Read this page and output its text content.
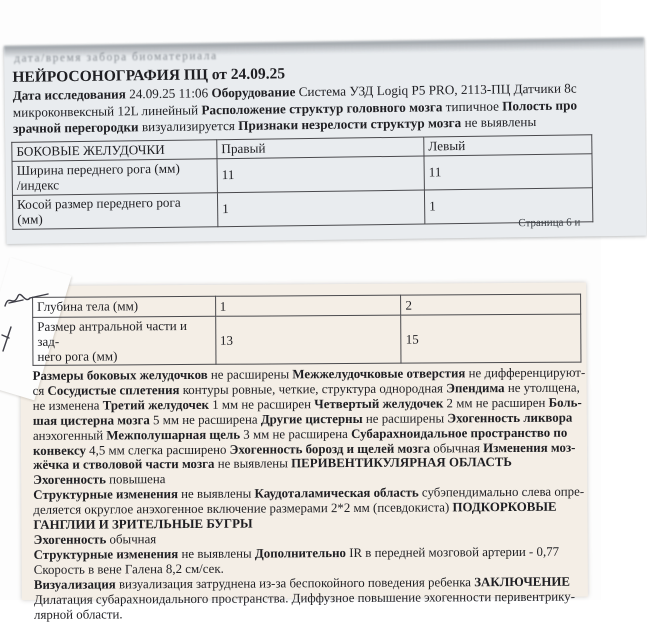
дата/время забора биоматериала
НЕЙРОСОНОГРАФИЯ ПЦ от 24.09.25
Дата исследования 24.09.25 11:06 Оборудование Система УЗД Logiq P5 PRO, 2113-ПЦ Датчики 8с
микроконвексный 12L линейный Расположение структур головного мозга типичное Полость про
зрачной перегородки визуализируется Признаки незрелости структур мозга не выявлены
БОКОВЫЕ ЖЕЛУДОЧКИ	Правый	Левый
Ширина переднего рога (мм)
/индекс	11	11
Косой размер переднего рога
(мм)	1	1
Страница 6 и
Глубина тела (мм)	1	2
Размер антральной части и зад-
него рога (мм)	13	15
Размеры боковых желудочков не расширены Межжелудочковые отверстия не дифференцируют-
ся Сосудистые сплетения контуры ровные, четкие, структура однородная Эпендима не утолщена,
не изменена Третий желудочек 1 мм не расширен Четвертый желудочек 2 мм не расширен Боль-
шая цистерна мозга 5 мм не расширена Другие цистерны не расширены Эхогенность ликвора
анэхогенный Межполушарная щель 3 мм не расширена Субарахноидальное пространство по
конвексу 4,5 мм слегка расширено Эхогенность борозд и щелей мозга обычная Изменения моз-
жёчка и стволовой части мозга не выявлены ПЕРИВЕНТИКУЛЯРНАЯ ОБЛАСТЬ
Эхогенность повышена
Структурные изменения не выявлены Каудоталамическая область субэпендимально слева опре-
деляется округлое анэхогенное включение размерами 2*2 мм (псевдокиста) ПОДКОРКОВЫЕ
ГАНГЛИИ И ЗРИТЕЛЬНЫЕ БУГРЫ
Эхогенность обычная
Структурные изменения не выявлены Дополнительно IR в передней мозговой артерии - 0,77
Скорость в вене Галена 8,2 см/сек.
Визуализация визуализация затруднена из-за беспокойного поведения ребенка ЗАКЛЮЧЕНИЕ
Дилатация субарахноидального пространства. Диффузное повышение эхогенности перивентрику-
лярной области.
